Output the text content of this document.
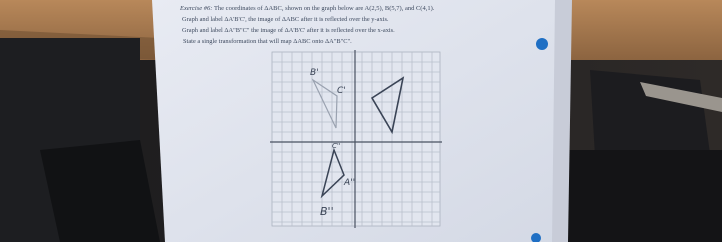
Exercise #6: The coordinates of ΔABC, shown on the graph below are A(2,5), B(5,7), and C(4,1).
Graph and label ΔA'B'C', the image of ΔABC after it is reflected over the y-axis.
Graph and label ΔA"B"C" the image of ΔA'B'C' after it is reflected over the x-axis.
State a single transformation that will map ΔABC onto ΔA"B"C".
B'
C'
C''
A''
B''
